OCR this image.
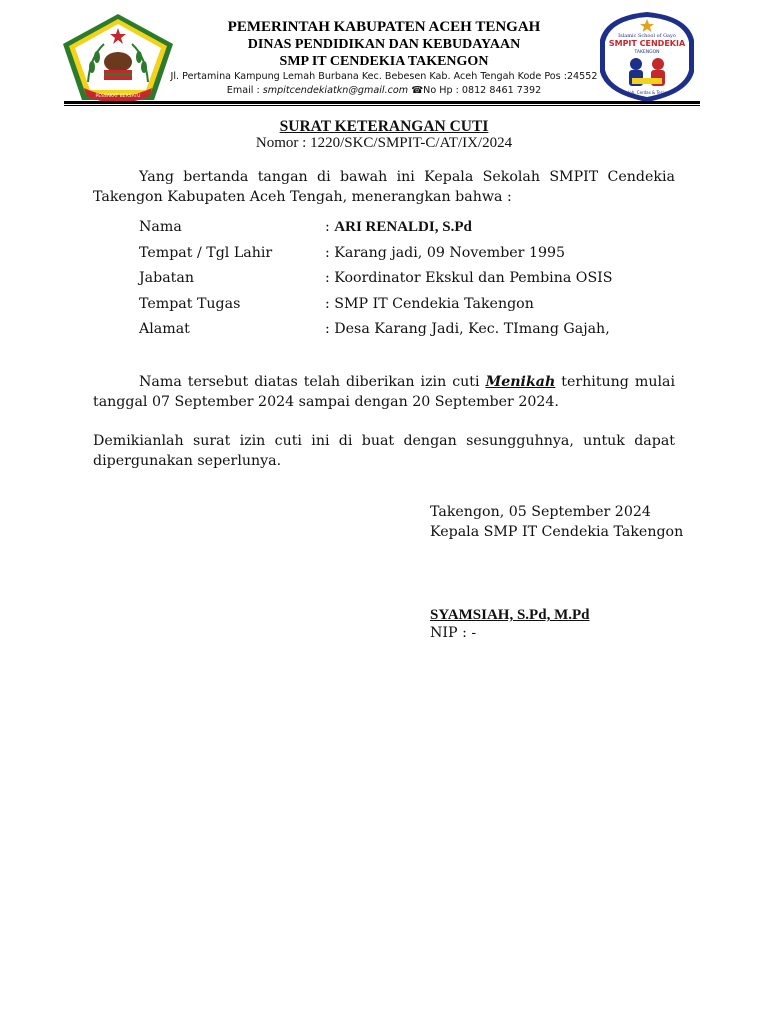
PESSAKAT BERSATU
Islamic School of Gayo
SMPIT CENDEKIA
TAKENGON
Shaleh, Cerdas & Terampil
PEMERINTAH KABUPATEN ACEH TENGAH
DINAS PENDIDIKAN DAN KEBUDAYAAN
SMP IT CENDEKIA TAKENGON
Jl. Pertamina Kampung Lemah Burbana Kec. Bebesen Kab. Aceh Tengah Kode Pos :24552
Email : smpitcendekiatkn@gmail.com ☎No Hp : 0812 8461 7392
SURAT KETERANGAN CUTI
Nomor : 1220/SKC/SMPIT-C/AT/IX/2024
Yang bertanda tangan di bawah ini Kepala Sekolah SMPIT Cendekia Takengon Kabupaten Aceh Tengah, menerangkan bahwa :
Nama	: ARI RENALDI, S.Pd
Tempat / Tgl Lahir	: Karang jadi, 09 November 1995
Jabatan	: Koordinator Ekskul dan Pembina OSIS
Tempat Tugas	: SMP IT Cendekia Takengon
Alamat	: Desa Karang Jadi, Kec. TImang Gajah,
Nama tersebut diatas telah diberikan izin cuti Menikah terhitung mulai tanggal 07 September 2024 sampai dengan 20 September 2024.
Demikianlah surat izin cuti ini di buat dengan sesungguhnya, untuk dapat dipergunakan seperlunya.
Takengon, 05 September 2024
Kepala SMP IT Cendekia Takengon
SYAMSIAH, S.Pd, M.Pd
NIP : -
